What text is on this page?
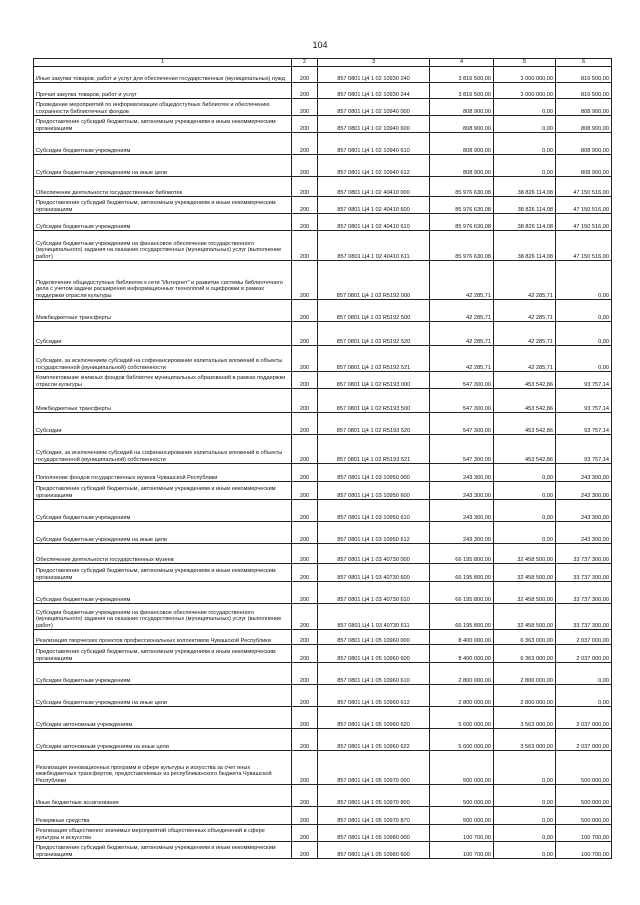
104
1	2	3	4	5	6
Иные закупки товаров, работ и услуг для обеспечения государственных (муниципальных) нужд	200	857 0801 Ц4 1 02 10930 240	3 816 500,00	3 000 000,00	816 500,00
Прочая закупка товаров, работ и услуг	200	857 0801 Ц4 1 02 10930 244	3 816 500,00	3 000 000,00	816 500,00
Проведение мероприятий по информатизации общедоступных библиотек и обеспечению сохранности библиотечных фондов	200	857 0801 Ц4 1 02 10940 000	808 900,00	0,00	808 900,00
Предоставление субсидий бюджетным, автономным учреждениям и иным некоммерческим организациям	200	857 0801 Ц4 1 02 10940 600	808 900,00	0,00	808 900,00
Субсидии бюджетным учреждениям	200	857 0801 Ц4 1 02 10940 610	808 900,00	0,00	808 900,00
Субсидии бюджетным учреждениям на иные цели	200	857 0801 Ц4 1 02 10940 612	808 900,00	0,00	808 900,00
Обеспечение деятельности государственных библиотек	200	857 0801 Ц4 1 02 40410 000	85 976 630,08	38 826 114,08	47 150 516,00
Предоставление субсидий бюджетным, автономным учреждениям и иным некоммерческим организациям	200	857 0801 Ц4 1 02 40410 600	85 976 630,08	38 826 114,08	47 150 516,00
Субсидии бюджетным учреждениям	200	857 0801 Ц4 1 02 40410 610	85 976 630,08	38 826 114,08	47 150 516,00
Субсидии бюджетным учреждениям на финансовое обеспечение государственного (муниципального) задания на оказание государственных (муниципальных) услуг (выполнение работ)	200	857 0801 Ц4 1 02 40410 611	85 976 630,08	38 826 114,08	47 150 516,00
Подключение общедоступных библиотек к сети "Интернет" и развитие системы библиотечного дела с учетом задачи расширения информационных технологий и оцифровки в рамках поддержки отрасли культуры	200	857 0801 Ц4 1 02 R5192 000	42 285,71	42 285,71	0,00
Межбюджетные трансферты	200	857 0801 Ц4 1 02 R5192 500	42 285,71	42 285,71	0,00
Субсидии	200	857 0801 Ц4 1 02 R5192 520	42 285,71	42 285,71	0,00
Субсидии, за исключением субсидий на софинансирование капитальных вложений в объекты государственной (муниципальной) собственности	200	857 0801 Ц4 1 02 R5192 521	42 285,71	42 285,71	0,00
Комплектование книжных фондов библиотек муниципальных образований в рамках поддержки отрасли культуры	200	857 0801 Ц4 1 02 R5193 000	547 300,00	453 542,86	93 757,14
Межбюджетные трансферты	200	857 0801 Ц4 1 02 R5193 500	547 300,00	453 542,86	93 757,14
Субсидии	200	857 0801 Ц4 1 02 R5193 520	547 300,00	453 542,86	93 757,14
Субсидии, за исключением субсидий на софинансирование капитальных вложений в объекты государственной (муниципальной) собственности	200	857 0801 Ц4 1 02 R5193 521	547 300,00	453 542,86	93 757,14
Пополнение фондов государственных музеев Чувашской Республики	200	857 0801 Ц4 1 03 10950 000	243 300,00	0,00	243 300,00
Предоставление субсидий бюджетным, автономным учреждениям и иным некоммерческим организациям	200	857 0801 Ц4 1 03 10950 600	243 300,00	0,00	243 300,00
Субсидии бюджетным учреждениям	200	857 0801 Ц4 1 03 10950 610	243 300,00	0,00	243 300,00
Субсидии бюджетным учреждениям на иные цели	200	857 0801 Ц4 1 03 10950 612	243 300,00	0,00	243 300,00
Обеспечение деятельности государственных музеев	200	857 0801 Ц4 1 03 40730 000	66 195 800,00	32 458 500,00	33 737 300,00
Предоставление субсидий бюджетным, автономным учреждениям и иным некоммерческим организациям	200	857 0801 Ц4 1 03 40730 600	66 195 800,00	32 458 500,00	33 737 300,00
Субсидии бюджетным учреждениям	200	857 0801 Ц4 1 03 40730 610	66 195 800,00	32 458 500,00	33 737 300,00
Субсидии бюджетным учреждениям на финансовое обеспечение государственного (муниципального) задания на оказание государственных (муниципальных) услуг (выполнение работ)	200	857 0801 Ц4 1 03 40730 611	66 195 800,00	32 458 500,00	33 737 300,00
Реализация творческих проектов профессиональных коллективов Чувашской Республики	200	857 0801 Ц4 1 05 10960 000	8 400 000,00	6 363 000,00	2 037 000,00
Предоставление субсидий бюджетным, автономным учреждениям и иным некоммерческим организациям	200	857 0801 Ц4 1 05 10960 600	8 400 000,00	6 363 000,00	2 037 000,00
Субсидии бюджетным учреждениям	200	857 0801 Ц4 1 05 10960 610	2 800 000,00	2 800 000,00	0,00
Субсидии бюджетным учреждениям на иные цели	200	857 0801 Ц4 1 05 10960 612	2 800 000,00	2 800 000,00	0,00
Субсидии автономным учреждениям	200	857 0801 Ц4 1 05 10960 620	5 600 000,00	3 563 000,00	2 037 000,00
Субсидии автономным учреждениям на иные цели	200	857 0801 Ц4 1 05 10960 622	5 600 000,00	3 563 000,00	2 037 000,00
Реализация инновационных программ в сфере культуры и искусства за счет иных межбюджетных трансфертов, предоставляемых из республиканского бюджета Чувашской Республики	200	857 0801 Ц4 1 05 10970 000	500 000,00	0,00	500 000,00
Иные бюджетные ассигнования	200	857 0801 Ц4 1 05 10970 800	500 000,00	0,00	500 000,00
Резервные средства	200	857 0801 Ц4 1 05 10970 870	500 000,00	0,00	500 000,00
Реализация общественно значимых мероприятий общественных объединений в сфере культуры и искусства	200	857 0801 Ц4 1 05 10980 000	100 700,00	0,00	100 700,00
Предоставление субсидий бюджетным, автономным учреждениям и иным некоммерческим организациям	200	857 0801 Ц4 1 05 10980 600	100 700,00	0,00	100 700,00
